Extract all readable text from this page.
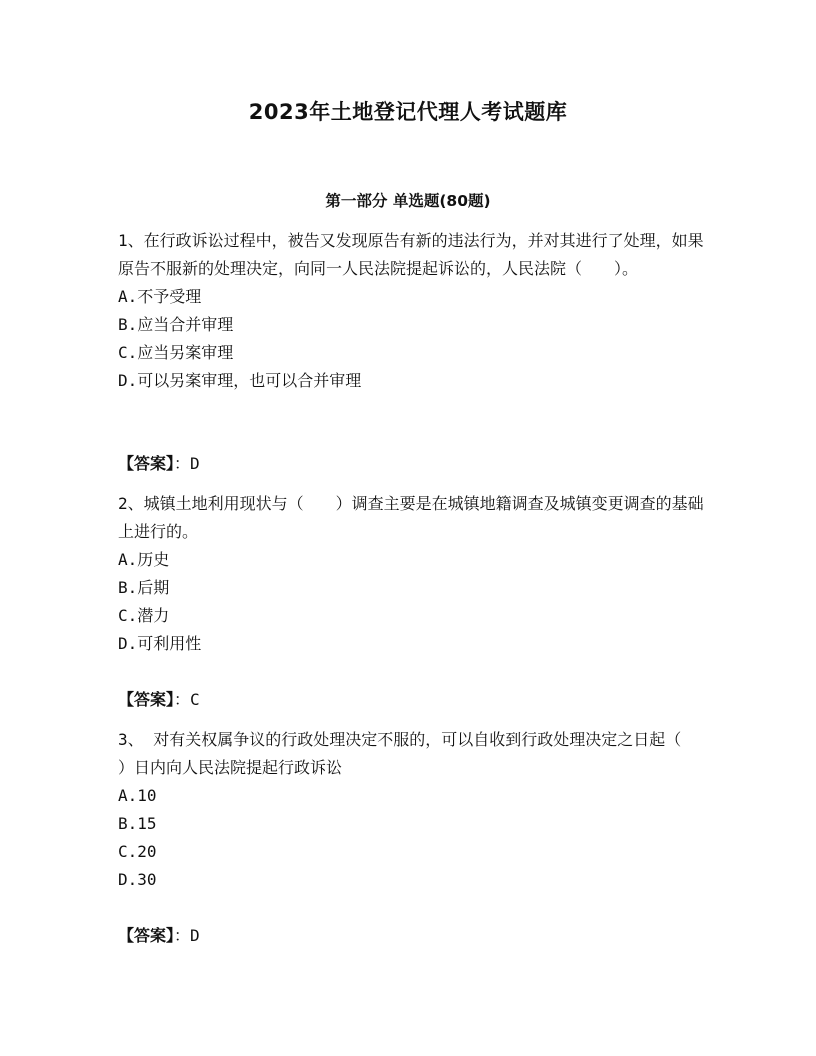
2023年土地登记代理人考试题库
第一部分 单选题(80题)

1、在行政诉讼过程中，被告又发现原告有新的违法行为，并对其进行了处理，如果原告不服新的处理决定，向同一人民法院提起诉讼的，人民法院（　　）。

A.不予受理

B.应当合并审理

C.应当另案审理

D.可以另案审理，也可以合并审理

【答案】：D

2、城镇土地利用现状与（　　）调查主要是在城镇地籍调查及城镇变更调查的基础上进行的。

A.历史

B.后期

C.潜力

D.可利用性

【答案】：C

3、 对有关权属争议的行政处理决定不服的，可以自收到行政处理决定之日起（　　）日内向人民法院提起行政诉讼

A.10

B.15

C.20

D.30

【答案】：D
